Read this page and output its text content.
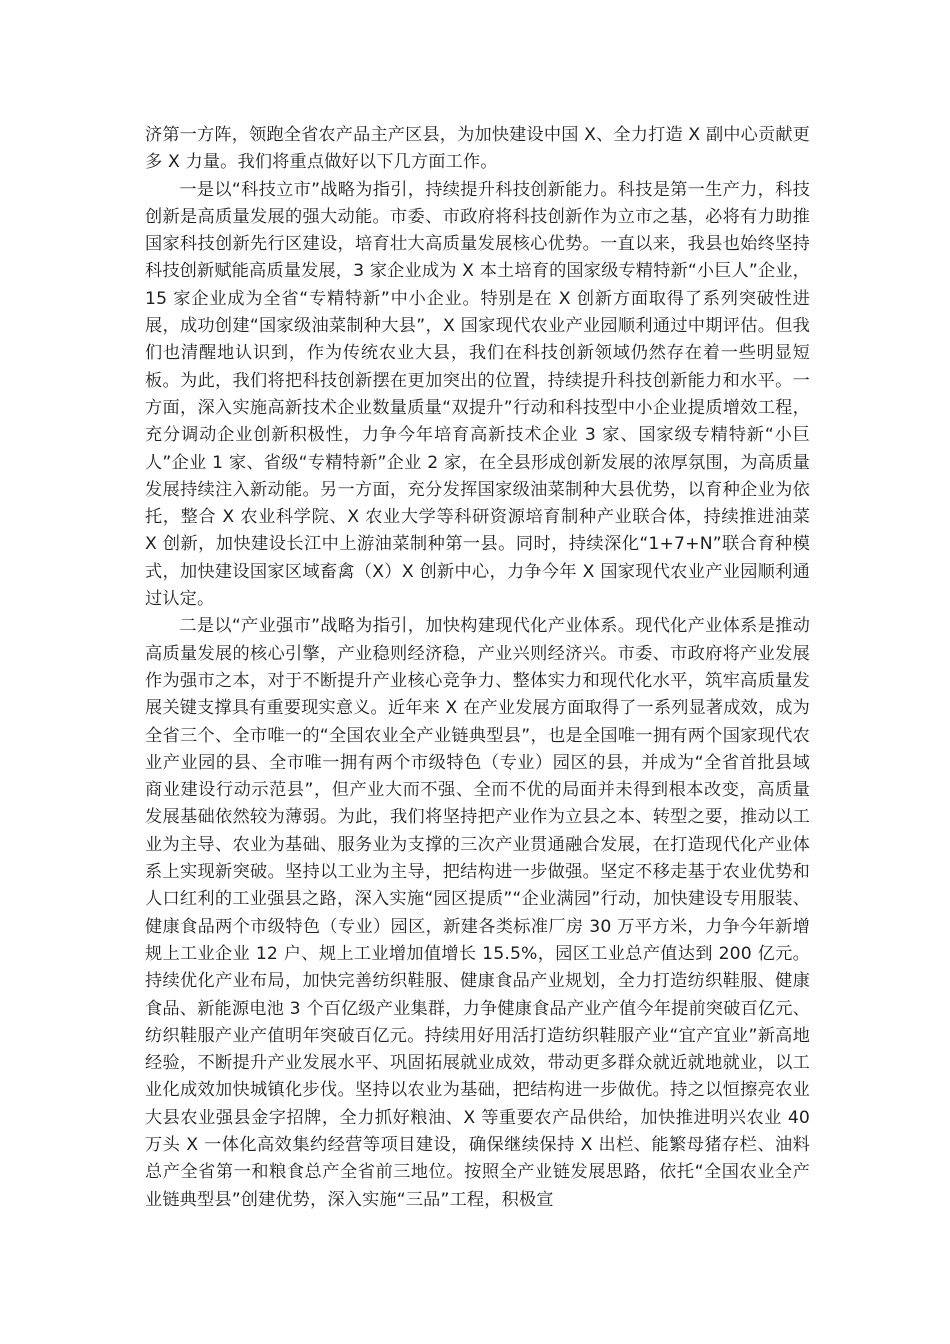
济第一方阵，领跑全省农产品主产区县，为加快建设中国 X、全力打造 X 副中心贡献更多 X 力量。我们将重点做好以下几方面工作。

一是以“科技立市”战略为指引，持续提升科技创新能力。科技是第一生产力，科技创新是高质量发展的强大动能。市委、市政府将科技创新作为立市之基，必将有力助推国家科技创新先行区建设，培育壮大高质量发展核心优势。一直以来，我县也始终坚持科技创新赋能高质量发展，3 家企业成为 X 本土培育的国家级专精特新“小巨人”企业，15 家企业成为全省“专精特新”中小企业。特别是在 X 创新方面取得了系列突破性进展，成功创建“国家级油菜制种大县”，X 国家现代农业产业园顺利通过中期评估。但我们也清醒地认识到，作为传统农业大县，我们在科技创新领域仍然存在着一些明显短板。为此，我们将把科技创新摆在更加突出的位置，持续提升科技创新能力和水平。一方面，深入实施高新技术企业数量质量“双提升”行动和科技型中小企业提质增效工程，充分调动企业创新积极性，力争今年培育高新技术企业 3 家、国家级专精特新“小巨人”企业 1 家、省级“专精特新”企业 2 家，在全县形成创新发展的浓厚氛围，为高质量发展持续注入新动能。另一方面，充分发挥国家级油菜制种大县优势，以育种企业为依托，整合 X 农业科学院、X 农业大学等科研资源培育制种产业联合体，持续推进油菜 X 创新，加快建设长江中上游油菜制种第一县。同时，持续深化“1+7+N”联合育种模式，加快建设国家区域畜禽（X）X 创新中心，力争今年 X 国家现代农业产业园顺利通过认定。

二是以“产业强市”战略为指引，加快构建现代化产业体系。现代化产业体系是推动高质量发展的核心引擎，产业稳则经济稳，产业兴则经济兴。市委、市政府将产业发展作为强市之本，对于不断提升产业核心竞争力、整体实力和现代化水平，筑牢高质量发展关键支撑具有重要现实意义。近年来 X 在产业发展方面取得了一系列显著成效，成为全省三个、全市唯一的“全国农业全产业链典型县”，也是全国唯一拥有两个国家现代农业产业园的县、全市唯一拥有两个市级特色（专业）园区的县，并成为“全省首批县域商业建设行动示范县”，但产业大而不强、全而不优的局面并未得到根本改变，高质量发展基础依然较为薄弱。为此，我们将坚持把产业作为立县之本、转型之要，推动以工业为主导、农业为基础、服务业为支撑的三次产业贯通融合发展，在打造现代化产业体系上实现新突破。坚持以工业为主导，把结构进一步做强。坚定不移走基于农业优势和人口红利的工业强县之路，深入实施“园区提质”“企业满园”行动，加快建设专用服装、健康食品两个市级特色（专业）园区，新建各类标准厂房 30 万平方米，力争今年新增规上工业企业 12 户、规上工业增加值增长 15.5%，园区工业总产值达到 200 亿元。持续优化产业布局，加快完善纺织鞋服、健康食品产业规划，全力打造纺织鞋服、健康食品、新能源电池 3 个百亿级产业集群，力争健康食品产业产值今年提前突破百亿元、纺织鞋服产业产值明年突破百亿元。持续用好用活打造纺织鞋服产业“宜产宜业”新高地经验，不断提升产业发展水平、巩固拓展就业成效，带动更多群众就近就地就业，以工业化成效加快城镇化步伐。坚持以农业为基础，把结构进一步做优。持之以恒擦亮农业大县农业强县金字招牌，全力抓好粮油、X 等重要农产品供给，加快推进明兴农业 40 万头 X 一体化高效集约经营等项目建设，确保继续保持 X 出栏、能繁母猪存栏、油料总产全省第一和粮食总产全省前三地位。按照全产业链发展思路，依托“全国农业全产业链典型县”创建优势，深入实施“三品”工程，积极宣
